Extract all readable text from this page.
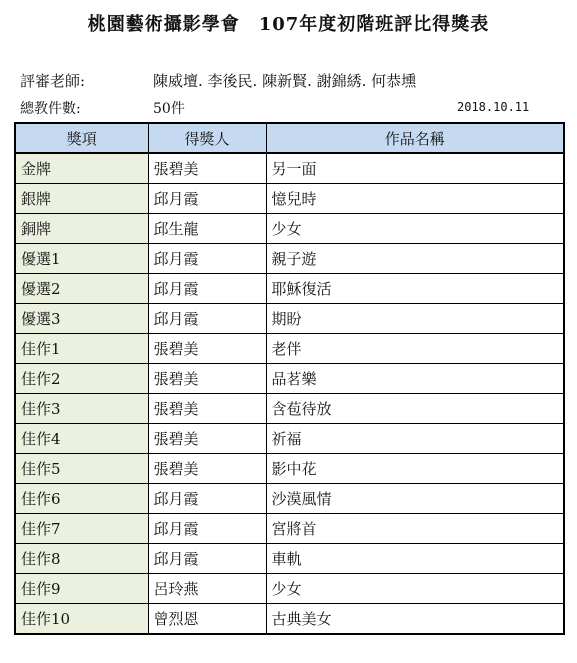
桃園藝術攝影學會　107年度初階班評比得獎表
評審老師:	陳威壇. 李後民. 陳新賢. 謝錦綉. 何恭壎
總教件數:	50件	2018.10.11
獎項	得獎人	作品名稱
金牌	張碧美	另一面
銀牌	邱月霞	憶兒時
銅牌	邱生龍	少女
優選1	邱月霞	親子遊
優選2	邱月霞	耶穌復活
優選3	邱月霞	期盼
佳作1	張碧美	老伴
佳作2	張碧美	品茗樂
佳作3	張碧美	含苞待放
佳作4	張碧美	祈福
佳作5	張碧美	影中花
佳作6	邱月霞	沙漠風情
佳作7	邱月霞	宮將首
佳作8	邱月霞	車軌
佳作9	呂玲燕	少女
佳作10	曾烈恩	古典美女
